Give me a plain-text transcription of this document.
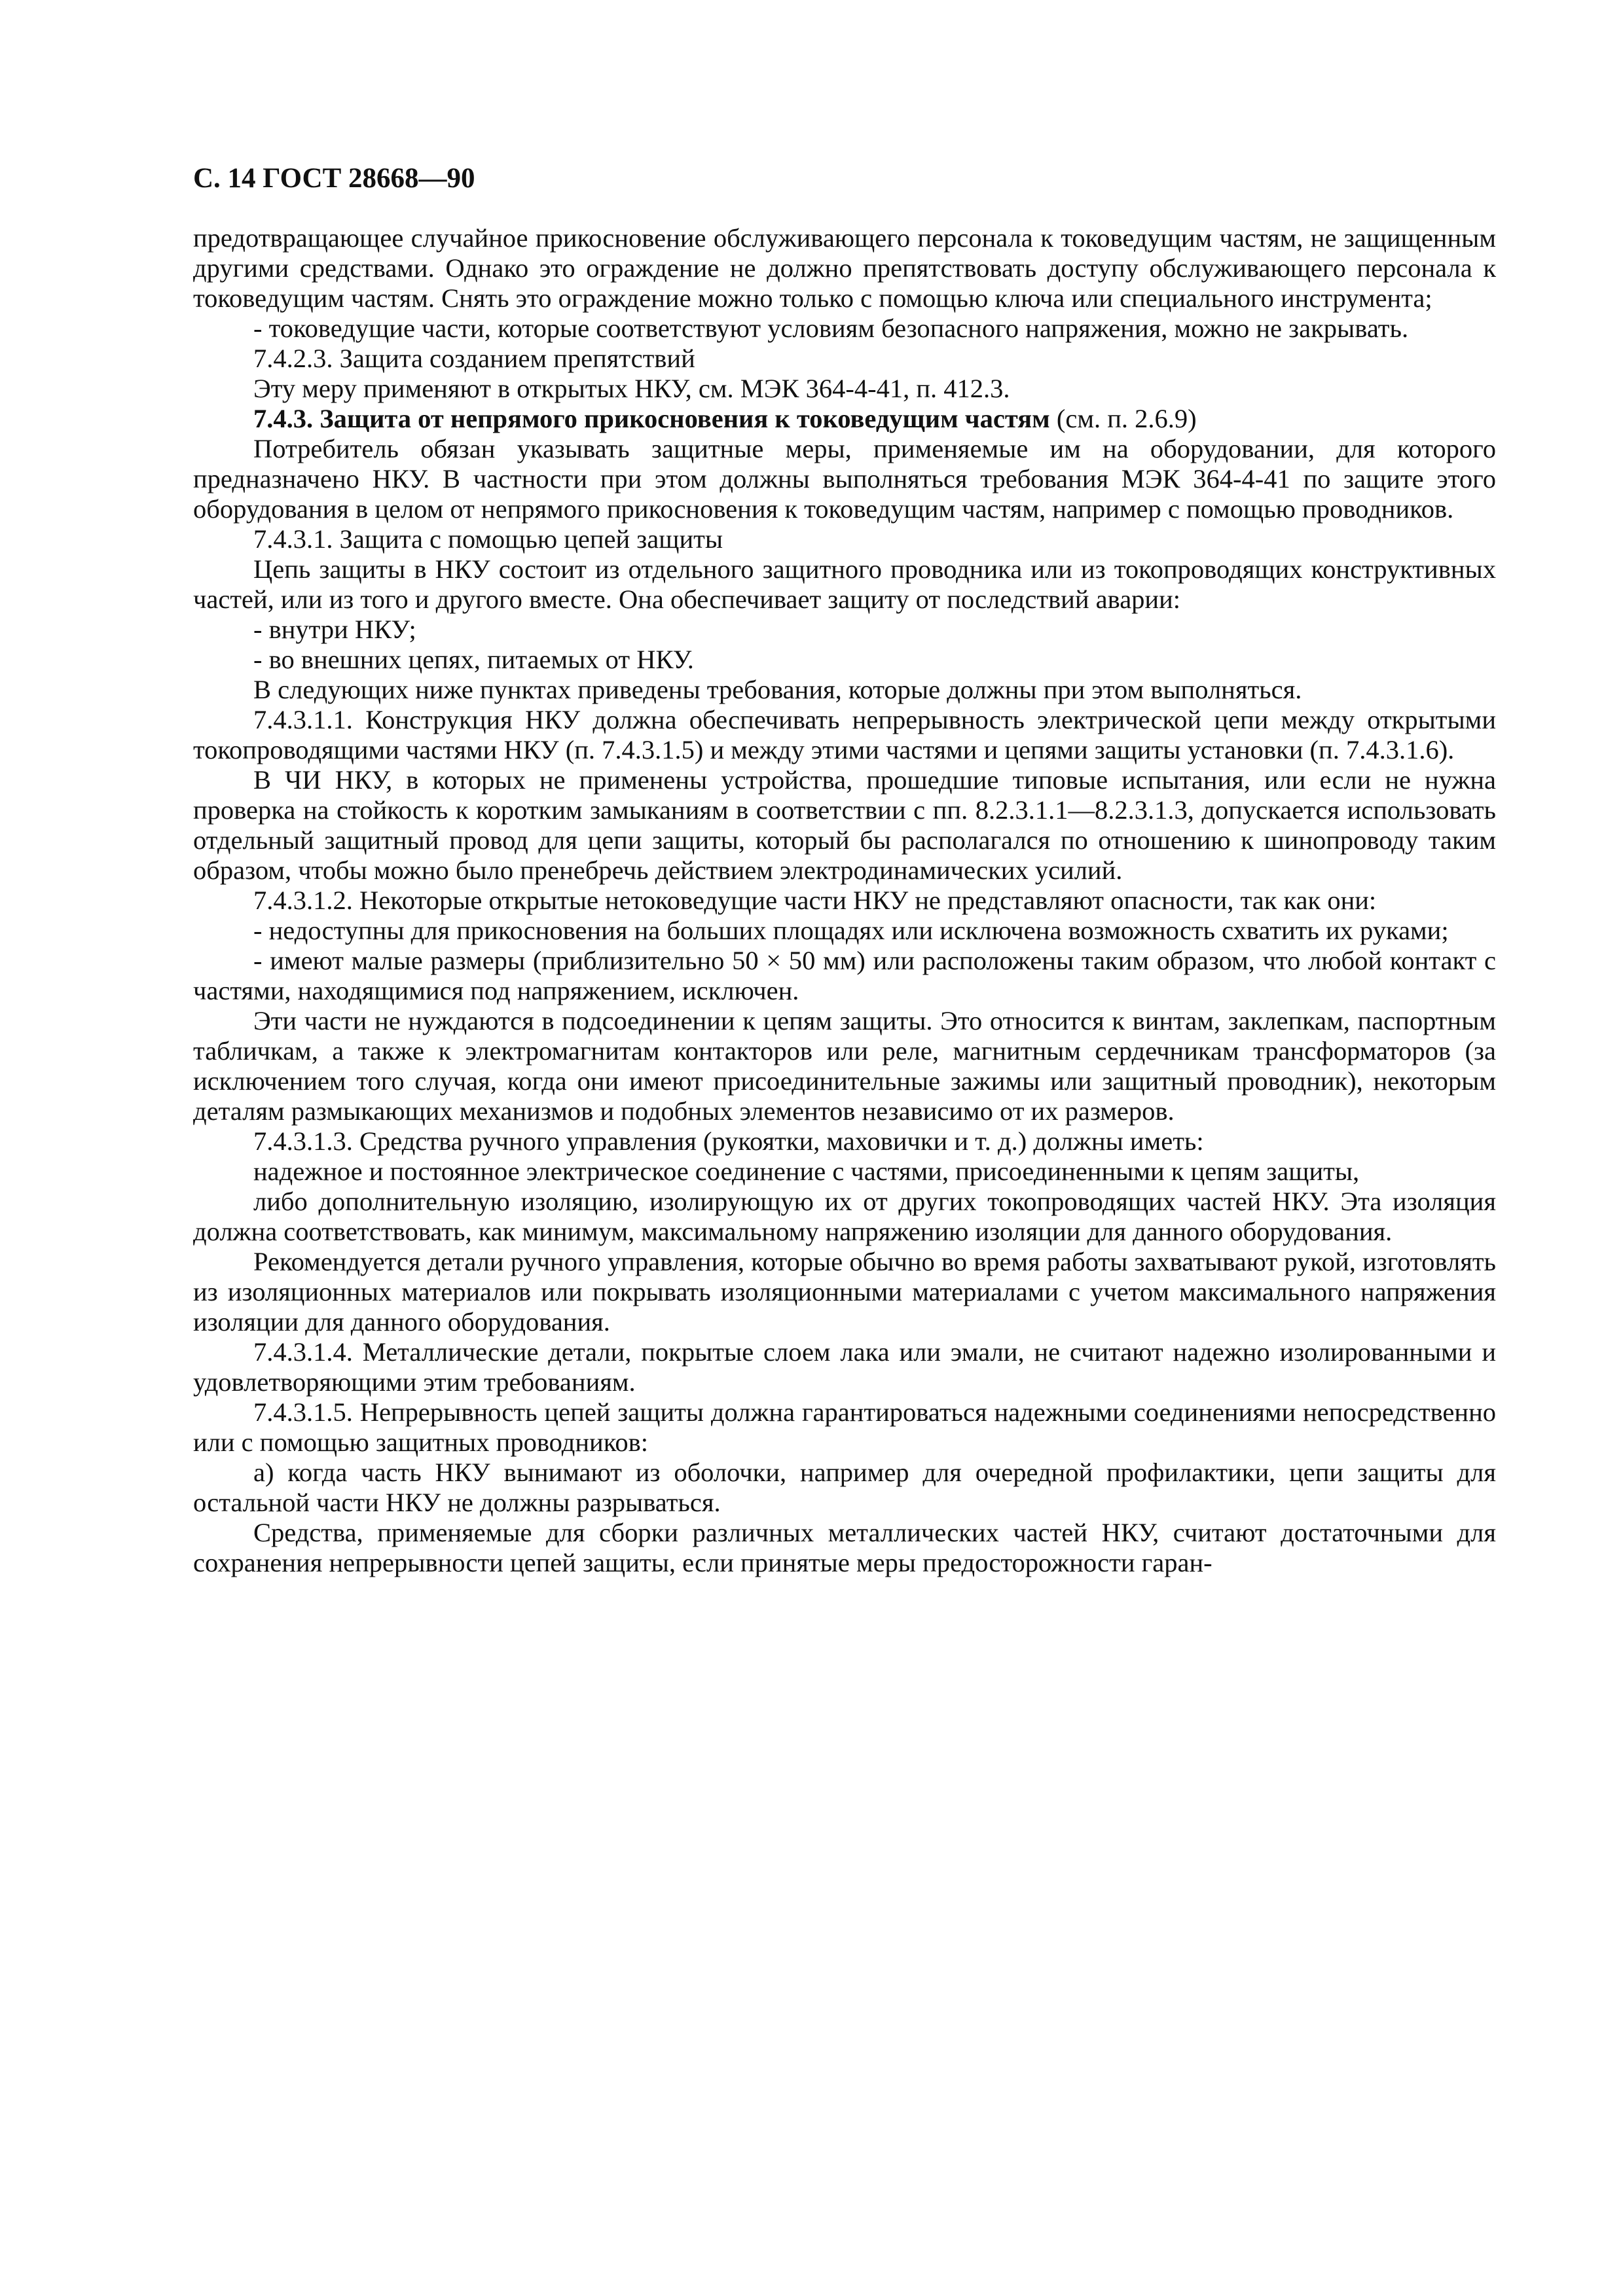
С. 14 ГОСТ 28668—90

предотвращающее случайное прикосновение обслуживающего персонала к токоведущим частям, не защищенным другими средствами. Однако это ограждение не должно препятствовать доступу обслуживающего персонала к токоведущим частям. Снять это ограждение можно только с помощью ключа или специального инструмента;

- токоведущие части, которые соответствуют условиям безопасного напряжения, можно не закрывать.

7.4.2.3. Защита созданием препятствий

Эту меру применяют в открытых НКУ, см. МЭК 364-4-41, п. 412.3.

7.4.3. Защита от непрямого прикосновения к токоведущим частям (см. п. 2.6.9)

Потребитель обязан указывать защитные меры, применяемые им на оборудовании, для которого предназначено НКУ. В частности при этом должны выполняться требования МЭК 364-4-41 по защите этого оборудования в целом от непрямого прикосновения к токоведущим частям, например с помощью проводников.

7.4.3.1. Защита с помощью цепей защиты

Цепь защиты в НКУ состоит из отдельного защитного проводника или из токопроводящих конструктивных частей, или из того и другого вместе. Она обеспечивает защиту от последствий аварии:

- внутри НКУ;

- во внешних цепях, питаемых от НКУ.

В следующих ниже пунктах приведены требования, которые должны при этом выполняться.

7.4.3.1.1. Конструкция НКУ должна обеспечивать непрерывность электрической цепи между открытыми токопроводящими частями НКУ (п. 7.4.3.1.5) и между этими частями и цепями защиты установки (п. 7.4.3.1.6).

В ЧИ НКУ, в которых не применены устройства, прошедшие типовые испытания, или если не нужна проверка на стойкость к коротким замыканиям в соответствии с пп. 8.2.3.1.1—8.2.3.1.3, допускается использовать отдельный защитный провод для цепи защиты, который бы располагался по отношению к шинопроводу таким образом, чтобы можно было пренебречь действием электродинамических усилий.

7.4.3.1.2. Некоторые открытые нетоковедущие части НКУ не представляют опасности, так как они:

- недоступны для прикосновения на больших площадях или исключена возможность схватить их руками;

- имеют малые размеры (приблизительно 50 × 50 мм) или расположены таким образом, что любой контакт с частями, находящимися под напряжением, исключен.

Эти части не нуждаются в подсоединении к цепям защиты. Это относится к винтам, заклепкам, паспортным табличкам, а также к электромагнитам контакторов или реле, магнитным сердечникам трансформаторов (за исключением того случая, когда они имеют присоединительные зажимы или защитный проводник), некоторым деталям размыкающих механизмов и подобных элементов независимо от их размеров.

7.4.3.1.3. Средства ручного управления (рукоятки, маховички и т. д.) должны иметь:

надежное и постоянное электрическое соединение с частями, присоединенными к цепям защиты,

либо дополнительную изоляцию, изолирующую их от других токопроводящих частей НКУ. Эта изоляция должна соответствовать, как минимум, максимальному напряжению изоляции для данного оборудования.

Рекомендуется детали ручного управления, которые обычно во время работы захватывают рукой, изготовлять из изоляционных материалов или покрывать изоляционными материалами с учетом максимального напряжения изоляции для данного оборудования.

7.4.3.1.4. Металлические детали, покрытые слоем лака или эмали, не считают надежно изолированными и удовлетворяющими этим требованиям.

7.4.3.1.5. Непрерывность цепей защиты должна гарантироваться надежными соединениями непосредственно или с помощью защитных проводников:

а) когда часть НКУ вынимают из оболочки, например для очередной профилактики, цепи защиты для остальной части НКУ не должны разрываться.

Средства, применяемые для сборки различных металлических частей НКУ, считают достаточными для сохранения непрерывности цепей защиты, если принятые меры предосторожности гаран-
